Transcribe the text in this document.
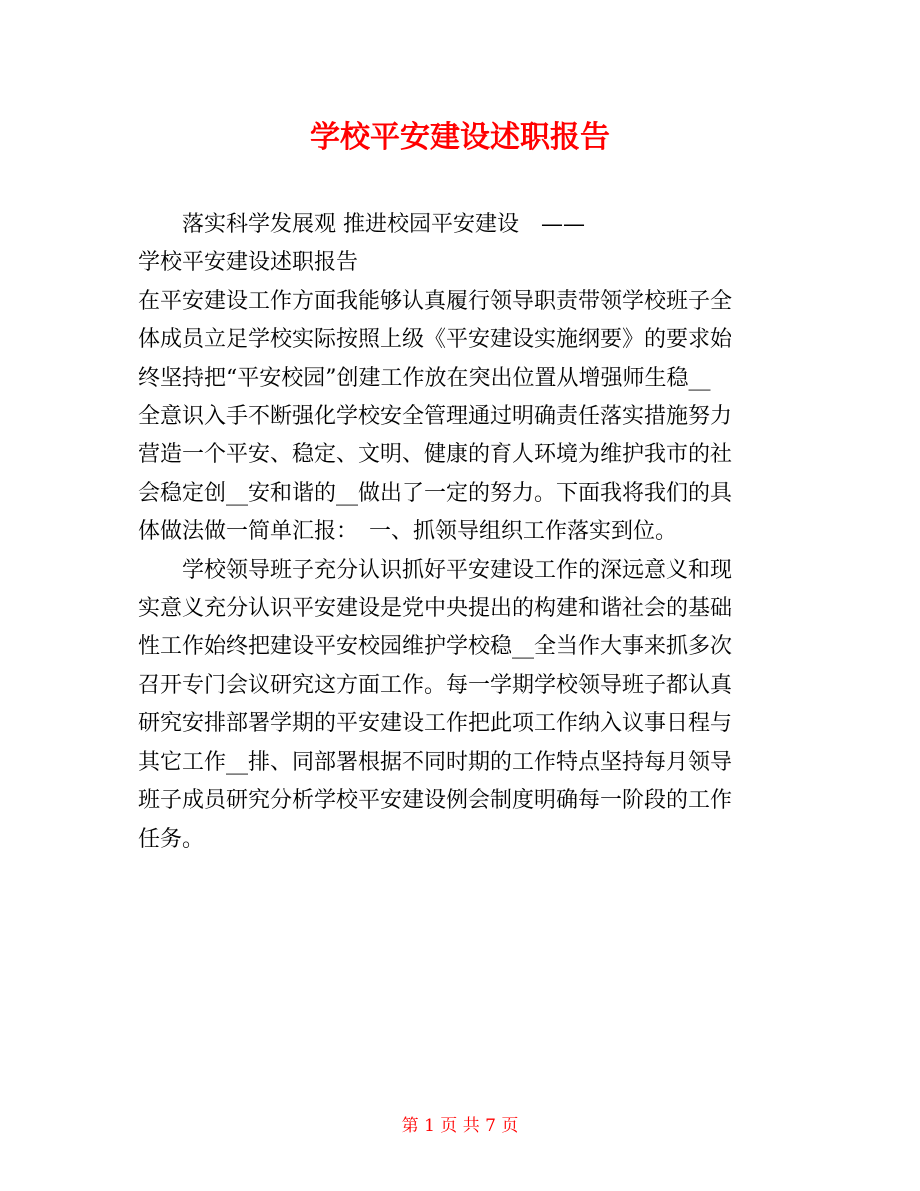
学校平安建设述职报告
　　落实科学发展观 推进校园平安建设　——
学校平安建设述职报告
在平安建设工作方面我能够认真履行领导职责带领学校班子全
体成员立足学校实际按照上级《平安建设实施纲要》的要求始
终坚持把“平安校园”创建工作放在突出位置从增强师生稳__
全意识入手不断强化学校安全管理通过明确责任落实措施努力
营造一个平安、稳定、文明、健康的育人环境为维护我市的社
会稳定创__安和谐的__做出了一定的努力。下面我将我们的具
体做法做一简单汇报：　一、抓领导组织工作落实到位。
　　学校领导班子充分认识抓好平安建设工作的深远意义和现
实意义充分认识平安建设是党中央提出的构建和谐社会的基础
性工作始终把建设平安校园维护学校稳__全当作大事来抓多次
召开专门会议研究这方面工作。每一学期学校领导班子都认真
研究安排部署学期的平安建设工作把此项工作纳入议事日程与
其它工作__排、同部署根据不同时期的工作特点坚持每月领导
班子成员研究分析学校平安建设例会制度明确每一阶段的工作
任务。
第 1 页 共 7 页
